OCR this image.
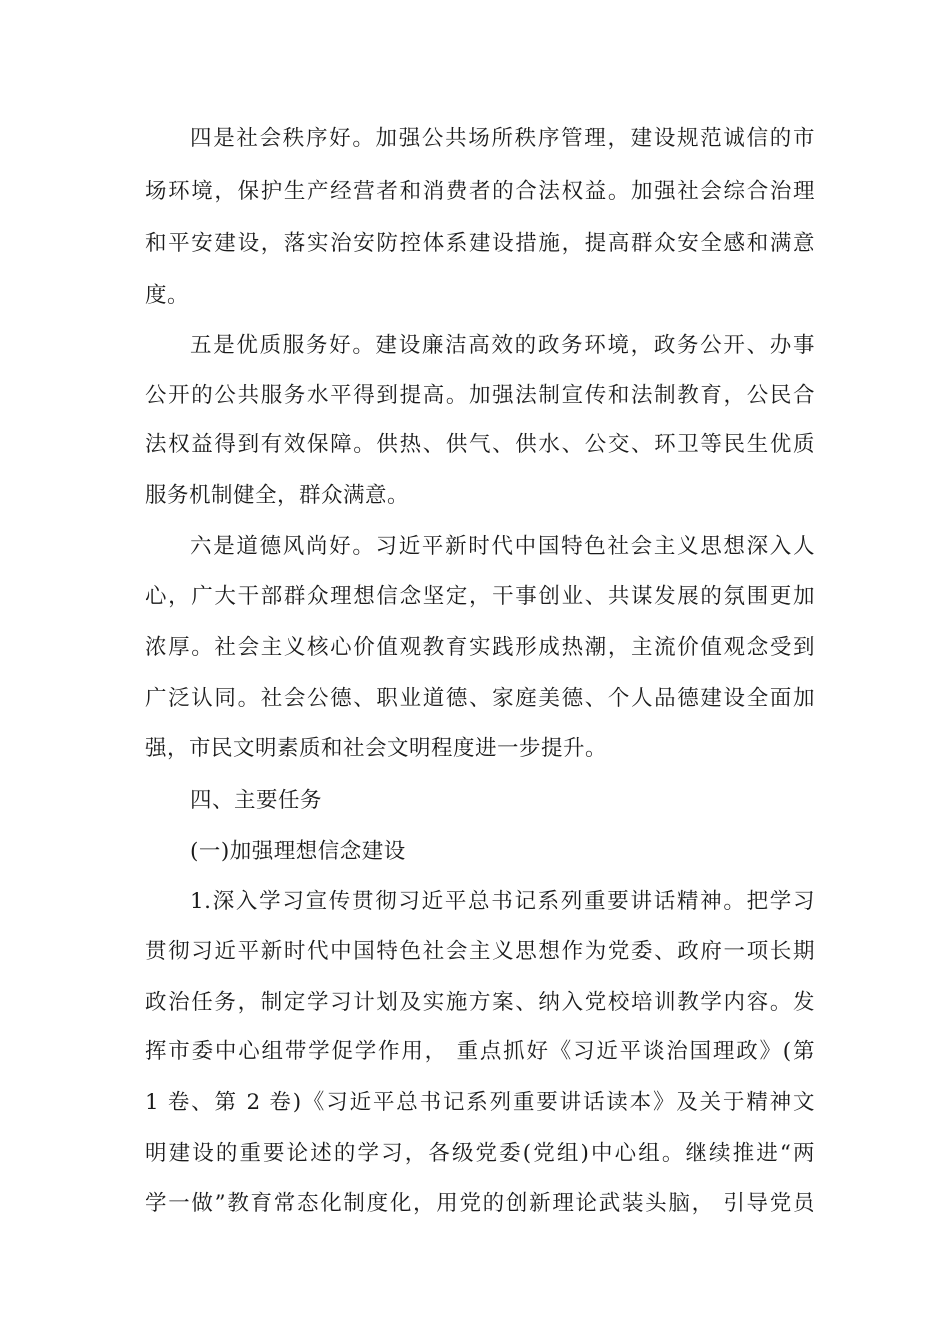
四是社会秩序好。加强公共场所秩序管理，建设规范诚信的市

场环境，保护生产经营者和消费者的合法权益。加强社会综合治理

和平安建设，落实治安防控体系建设措施，提高群众安全感和满意

度。

五是优质服务好。建设廉洁高效的政务环境，政务公开、办事

公开的公共服务水平得到提高。加强法制宣传和法制教育，公民合

法权益得到有效保障。供热、供气、供水、公交、环卫等民生优质

服务机制健全，群众满意。

六是道德风尚好。习近平新时代中国特色社会主义思想深入人

心，广大干部群众理想信念坚定，干事创业、共谋发展的氛围更加

浓厚。社会主义核心价值观教育实践形成热潮，主流价值观念受到

广泛认同。社会公德、职业道德、家庭美德、个人品德建设全面加

强，市民文明素质和社会文明程度进一步提升。

四、主要任务

(一)加强理想信念建设

1.深入学习宣传贯彻习近平总书记系列重要讲话精神。把学习

贯彻习近平新时代中国特色社会主义思想作为党委、政府一项长期

政治任务，制定学习计划及实施方案、纳入党校培训教学内容。发

挥市委中心组带学促学作用， 重点抓好《习近平谈治国理政》(第

1 卷、第 2 卷)《习近平总书记系列重要讲话读本》及关于精神文

明建设的重要论述的学习，各级党委(党组)中心组。继续推进“两

学一做”教育常态化制度化，用党的创新理论武装头脑， 引导党员
